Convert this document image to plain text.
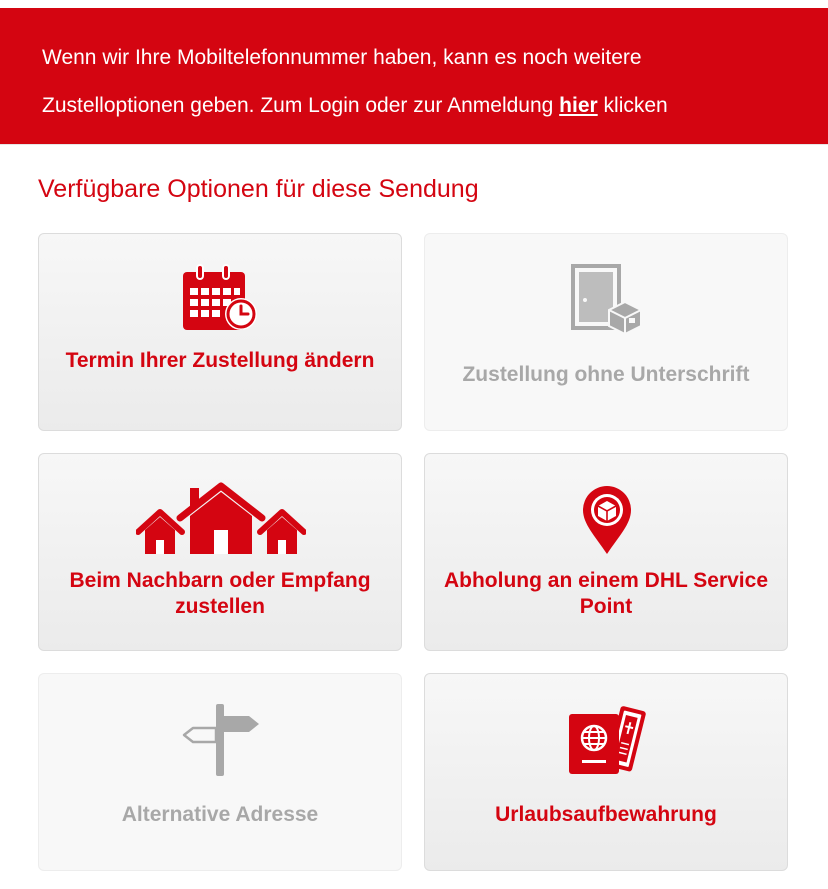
Wenn wir Ihre Mobiltelefonnummer haben, kann es noch weitere
Zustelloptionen geben. Zum Login oder zur Anmeldung hier klicken
Verfügbare Optionen für diese Sendung
Termin Ihrer Zustellung ändern
Zustellung ohne Unterschrift
Beim Nachbarn oder Empfang zustellen
Abholung an einem DHL Service Point
Alternative Adresse	Urlaubsaufbewahrung
